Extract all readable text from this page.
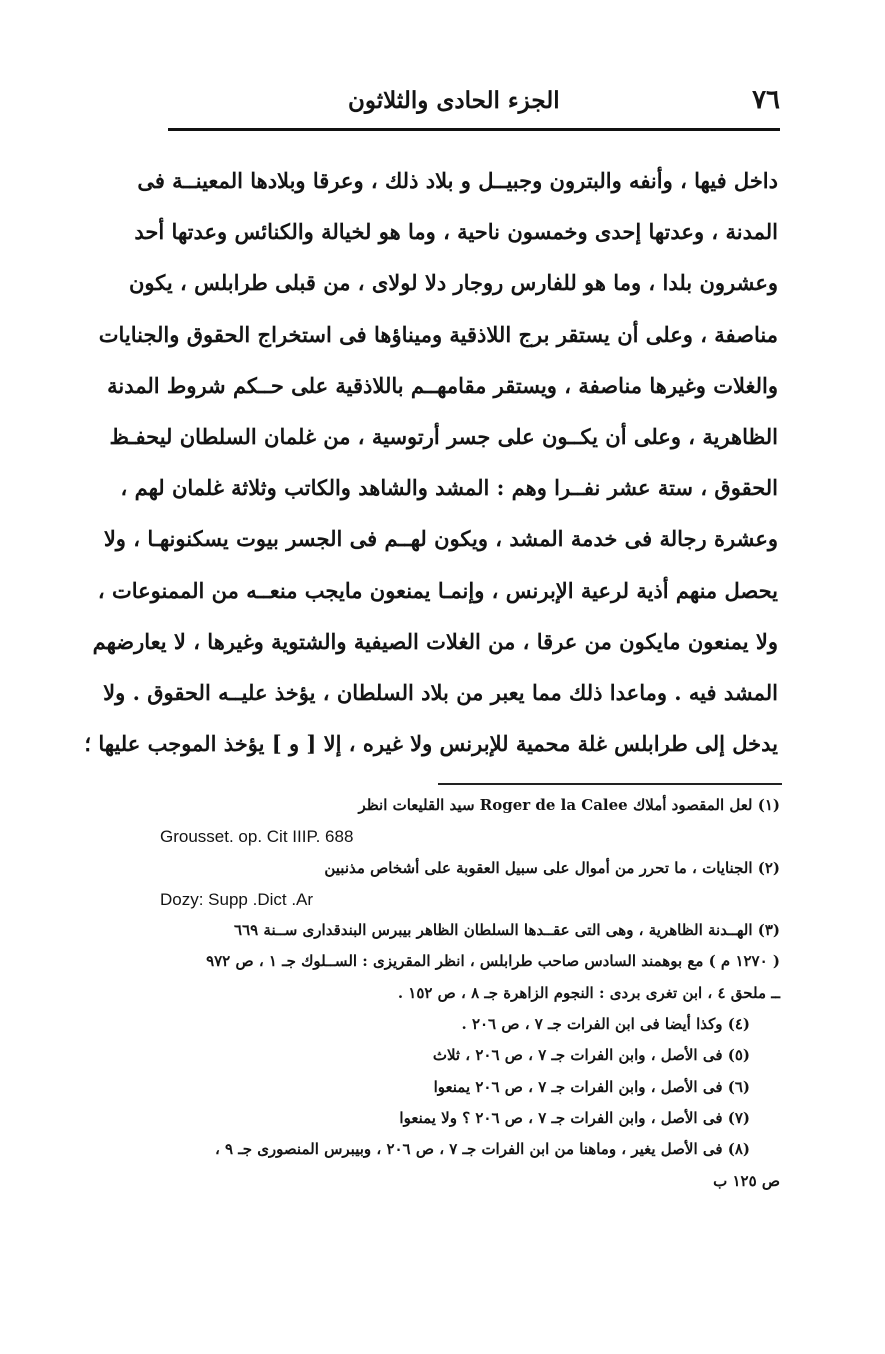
٧٦
الجزء الحادى والثلاثون
داخل فيها ، وأنفه والبترون وجبيــل و بلاد ذلك ، وعرقا وبلادها المعينــة فى
المدنة ، وعدتها إحدى وخمسون ناحية ، وما هو لخيالة والكنائس وعدتها أحد
وعشرون بلدا ، وما هو للفارس روجار دلا لولاى ، من قبلى طرابلس ، يكون
مناصفة ، وعلى أن يستقر برج اللاذقية وميناؤها فى استخراج الحقوق والجنايات
والغلات وغيرها مناصفة ، ويستقر مقامهــم باللاذقية على حــكم شروط المدنة
الظاهرية ، وعلى أن يكــون على جسر أرتوسية ، من غلمان السلطان ليحفـظ
الحقوق ، ستة عشر نفــرا وهم : المشد والشاهد والكاتب وثلاثة غلمان لهم ،
وعشرة رجالة فى خدمة المشد ، ويكون لهــم فى الجسر بيوت يسكنونهـا ، ولا
يحصل منهم أذية لرعية الإبرنس ، وإنمـا يمنعون مايجب منعــه من الممنوعات ،
ولا يمنعون مايكون من عرقا ، من الغلات الصيفية والشتوية وغيرها ، لا يعارضهم
المشد فيه . وماعدا ذلك مما يعبر من بلاد السلطان ، يؤخذ عليــه الحقوق . ولا
يدخل إلى طرابلس غلة محمية للإبرنس ولا غيره ، إلا [ و ] يؤخذ الموجب عليها ؛
(١) لعل المقصود أملاك Roger de la Calee سيد القليعات انظر
Grousset. op. Cit IIIP. 688
(٢) الجنايات ، ما تحرر من أموال على سبيل العقوبة على أشخاص مذنبين
Dozy: Supp .Dict .Ar
(٣) الهــدنة الظاهرية ، وهى التى عقــدها السلطان الظاهر بيبرس البندقدارى ســنة ٦٦٩
( ١٢٧٠ م ) مع بوهمند السادس صاحب طرابلس ، انظر المقريزى : الســلوك جـ ١ ، ص ٩٧٢
ــ ملحق ٤ ، ابن تغرى بردى : النجوم الزاهرة جـ ٨ ، ص ١٥٢ .
(٤) وكذا أيضا فى ابن الفرات جـ ٧ ، ص ٢٠٦ .
(٥) فى الأصل ، وابن الفرات جـ ٧ ، ص ٢٠٦ ، ثلاث
(٦) فى الأصل ، وابن الفرات جـ ٧ ، ص ٢٠٦ يمنعوا
(٧) فى الأصل ، وابن الفرات جـ ٧ ، ص ٢٠٦ ؟ ولا يمنعوا
(٨) فى الأصل يغير ، وماهنا من ابن الفرات جـ ٧ ، ص ٢٠٦ ، وبيبرس المنصورى جـ ٩ ،
ص ١٢٥ ب
